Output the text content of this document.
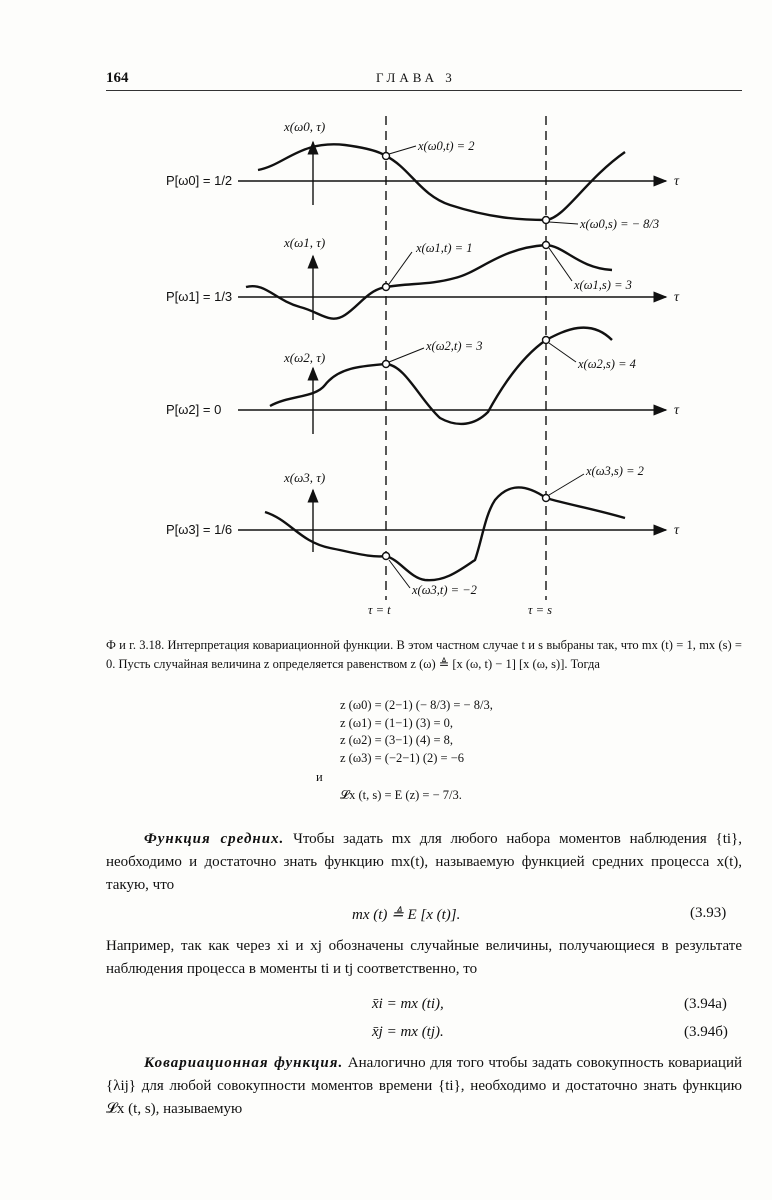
164	ГЛАВА 3
x(ω0, τ)
P[ω0] = 1/2
x(ω0,t) = 2
x(ω0,s) = − 8/3
τ
x(ω1, τ)
P[ω1] = 1/3
x(ω1,t) = 1
x(ω1,s) = 3
τ
x(ω2, τ)
P[ω2] = 0
x(ω2,t) = 3
x(ω2,s) = 4
τ
x(ω3, τ)
P[ω3] = 1/6
x(ω3,t) = −2
x(ω3,s) = 2
τ
τ = t	τ = s
Ф и г. 3.18. Интерпретация ковариационной функции. В этом частном случае t и s выбраны так, что mx (t) = 1, mx (s) = 0. Пусть случайная величина z определяется равенством z (ω) ≜ [x (ω, t) − 1] [x (ω, s)]. Тогда
z (ω0) = (2−1) (− 8/3) = − 8/3,
z (ω1) = (1−1) (3) = 0,
z (ω2) = (3−1) (4) = 8,
z (ω3) = (−2−1) (2) = −6
и
𝓛x (t, s) = E (z) = − 7/3.
Функция средних. Чтобы задать mx для любого набора моментов наблюдения {ti}, необходимо и достаточно знать функцию mx(t), называемую функцией средних процесса x(t), такую, что
mx (t) ≜ E [x (t)].	(3.93)
Например, так как через xi и xj обозначены случайные величины, получающиеся в результате наблюдения процесса в моменты ti и tj соответственно, то
x̄i = mx (ti),	(3.94а)
x̄j = mx (tj).	(3.94б)
Ковариационная функция. Аналогично для того чтобы задать совокупность ковариаций {λij} для любой совокупности моментов времени {ti}, необходимо и достаточно знать функцию 𝓛x (t, s), называемую
